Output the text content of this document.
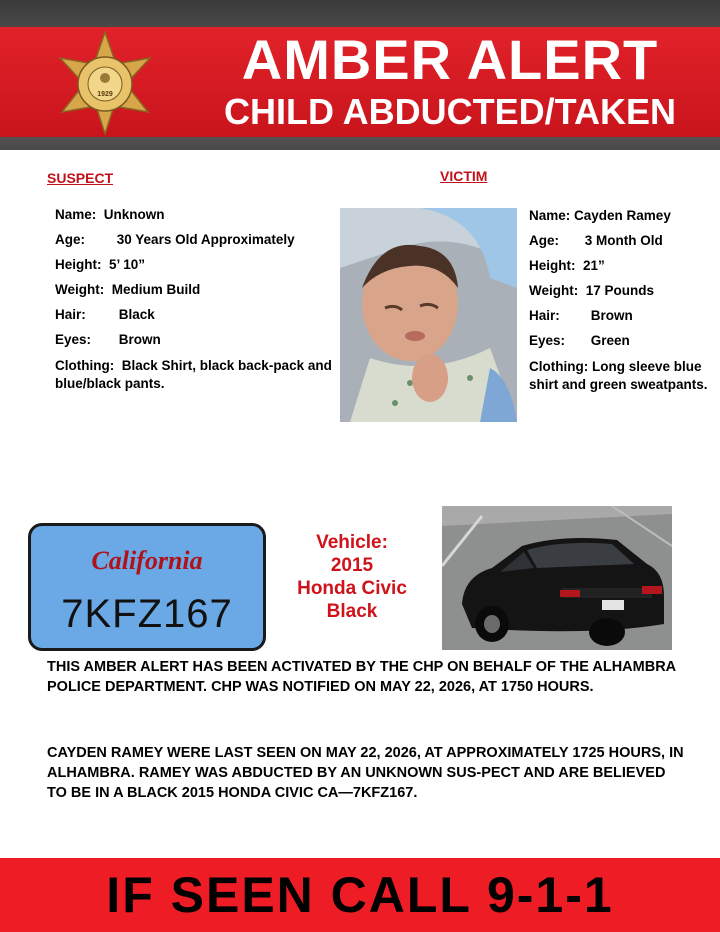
1929
AMBER ALERT
CHILD ABDUCTED/TAKEN
SUSPECT
Name: Unknown
Age: 30 Years Old Approximately
Height: 5’ 10”
Weight: Medium Build
Hair: Black
Eyes: Brown
Clothing: Black Shirt, black back-pack and blue/black pants.
VICTIM
Name: Cayden Ramey
Age: 3 Month Old
Height: 21”
Weight: 17 Pounds
Hair: Brown
Eyes: Green
Clothing: Long sleeve blue shirt and green sweatpants.
California
7KFZ167
Vehicle:
2015
Honda Civic
Black
THIS AMBER ALERT HAS BEEN ACTIVATED BY THE CHP ON BEHALF OF THE ALHAMBRA POLICE DEPARTMENT. CHP WAS NOTIFIED ON MAY 22, 2026, AT 1750 HOURS.
CAYDEN RAMEY WERE LAST SEEN ON MAY 22, 2026, AT APPROXIMATELY 1725 HOURS, IN ALHAMBRA. RAMEY WAS ABDUCTED BY AN UNKNOWN SUS-PECT AND ARE BELIEVED TO BE IN A BLACK 2015 HONDA CIVIC CA—7KFZ167.
IF SEEN CALL 9-1-1
